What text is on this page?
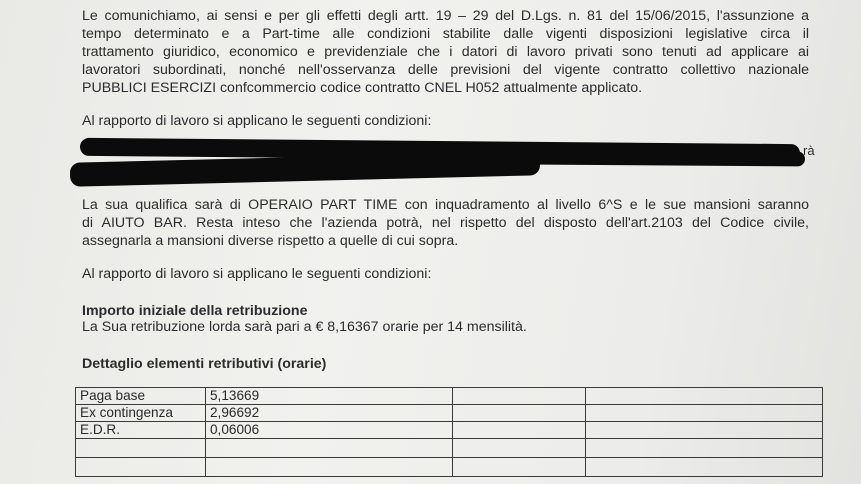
Le comunichiamo, ai sensi e per gli effetti degli artt. 19 – 29 del D.Lgs. n. 81 del 15/06/2015, l'assunzione a
tempo determinato e a Part-time alle condizioni stabilite dalle vigenti disposizioni legislative circa il
trattamento giuridico, economico e previdenziale che i datori di lavoro privati sono tenuti ad applicare ai
lavoratori subordinati, nonché nell'osservanza delle previsioni del vigente contratto collettivo nazionale
PUBBLICI ESERCIZI confcommercio codice contratto CNEL H052 attualmente applicato.
Al rapporto di lavoro si applicano le seguenti condizioni:
rà
La sua qualifica sarà di OPERAIO PART TIME con inquadramento al livello 6^S e le sue mansioni saranno
di AIUTO BAR. Resta inteso che l'azienda potrà, nel rispetto del disposto dell'art.2103 del Codice civile,
assegnarla a mansioni diverse rispetto a quelle di cui sopra.
Al rapporto di lavoro si applicano le seguenti condizioni:
Importo iniziale della retribuzione
La Sua retribuzione lorda sarà pari a € 8,16367 orarie per 14 mensilità.
Dettaglio elementi retributivi (orarie)
Paga base	5,13669		
Ex contingenza	2,96692		
E.D.R.	0,06006		
